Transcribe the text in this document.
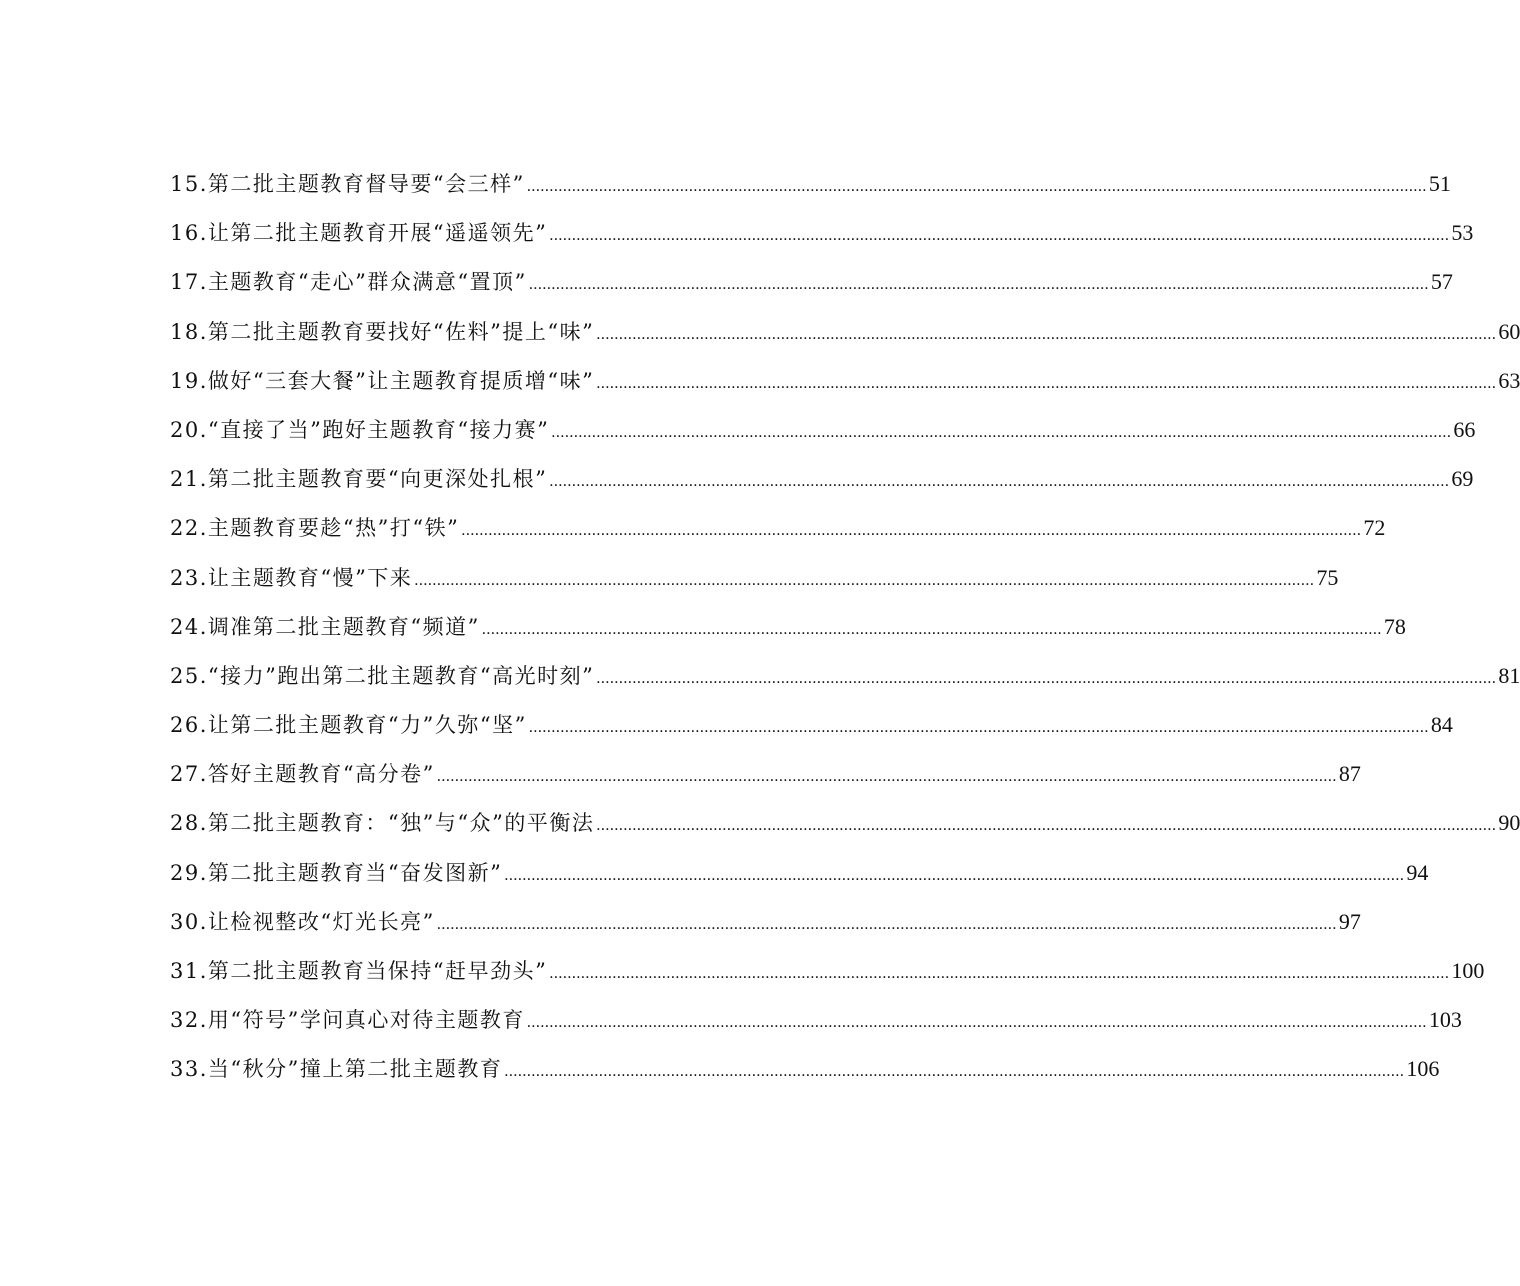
15.第二批主题教育督导要“会三样” .....	51
16.让第二批主题教育开展“遥遥领先” .....	53
17.主题教育“走心”群众满意“置顶” .....	57
18.第二批主题教育要找好“佐料”提上“味” .....	60
19.做好“三套大餐”让主题教育提质增“味” .....	63
20.“直接了当”跑好主题教育“接力赛” .....	66
21.第二批主题教育要“向更深处扎根” .....	69
22.主题教育要趁“热”打“铁” .....	72
23.让主题教育“慢”下来 .....	75
24.调准第二批主题教育“频道” .....	78
25.“接力”跑出第二批主题教育“高光时刻” .....	81
26.让第二批主题教育“力”久弥“坚” .....	84
27.答好主题教育“高分卷” .....	87
28.第二批主题教育：“独”与“众”的平衡法 .....	90
29.第二批主题教育当“奋发图新” .....	94
30.让检视整改“灯光长亮” .....	97
31.第二批主题教育当保持“赶早劲头” .....	100
32.用“符号”学问真心对待主题教育 .....	103
33.当“秋分”撞上第二批主题教育 .....	106
